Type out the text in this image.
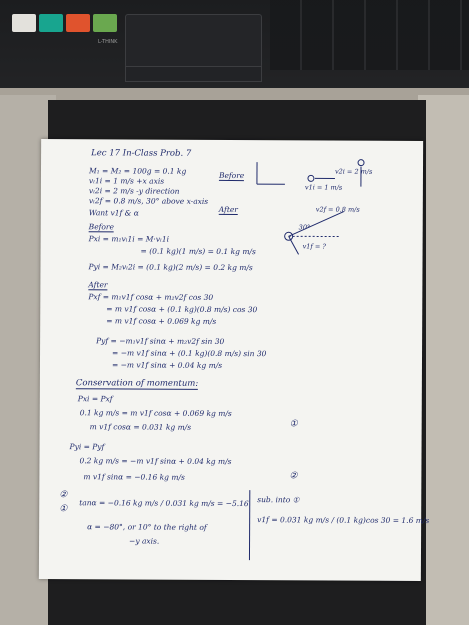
L-THINK
Lec 17 In-Class Prob. 7
M₁ = M₂ = 100g = 0.1 kg
vₗ1i = 1 m/s +x axis
vₗ2i = 2 m/s -y direction
vₗ2f = 0.8 m/s, 30° above x-axis
Want v1f & α
Before
After
v1i = 1 m/s
v2i = 2 m/s
v2f = 0.8 m/s
30°
v1f = ?
Before
Pxi = m₁vₗ1i = M·vₗ1i
= (0.1 kg)(1 m/s) = 0.1 kg m/s
Pyi = M₂vₗ2i = (0.1 kg)(2 m/s) = 0.2 kg m/s
After
Pxf = m₁v1f cosα + m₂v2f cos 30
= m v1f cosα + (0.1 kg)(0.8 m/s) cos 30
= m v1f cosα + 0.069 kg m/s
Pyf = −m₁v1f sinα + m₂v2f sin 30
= −m v1f sinα + (0.1 kg)(0.8 m/s) sin 30
= −m v1f sinα + 0.04 kg m/s
Conservation of momentum:
Pxi = Pxf
0.1 kg m/s = m v1f cosα + 0.069 kg m/s
m v1f cosα = 0.031 kg m/s	①
Pyi = Pyf
0.2 kg m/s = −m v1f sinα + 0.04 kg m/s
m v1f sinα = −0.16 kg m/s	②
②
①
tanα = −0.16 kg m/s / 0.031 kg m/s = −5.16
α = −80°, or 10° to the right of
−y axis.
sub. into ①
v1f = 0.031 kg m/s / (0.1 kg)cos 30 = 1.6 m/s
